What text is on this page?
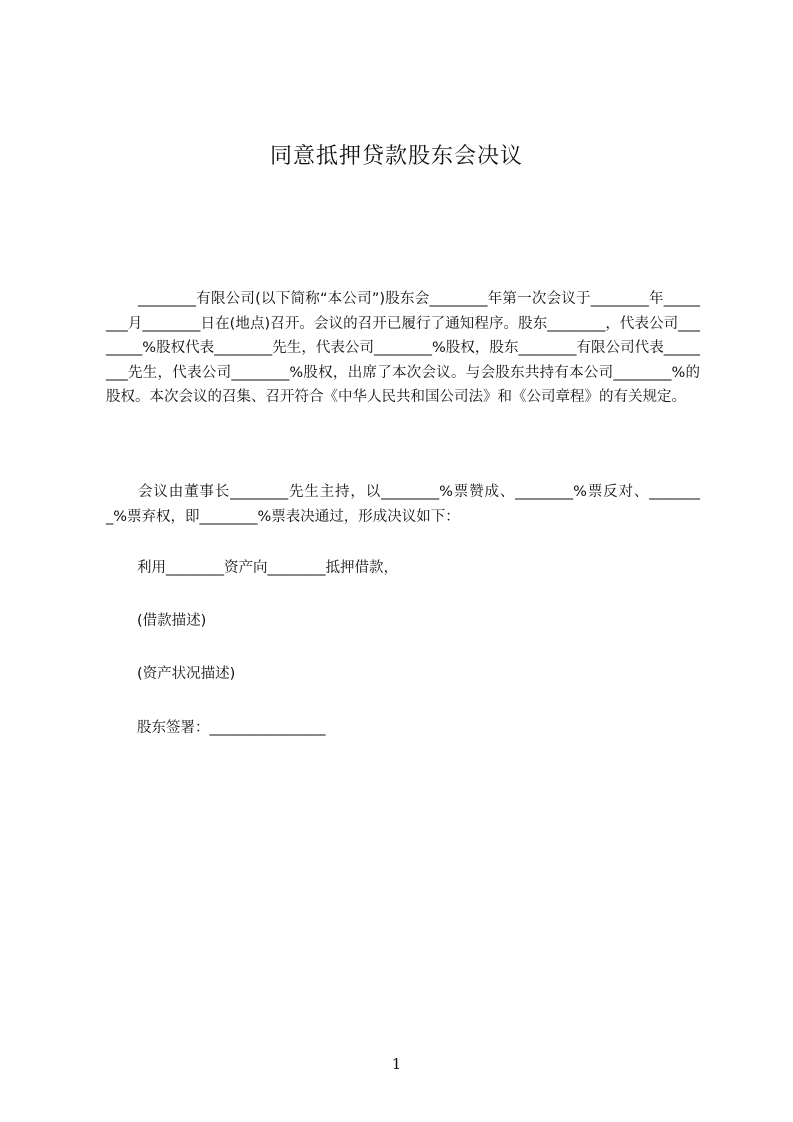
同意抵押贷款股东会决议

________有限公司(以下简称“本公司”)股东会________年第一次会议于________年________月________日在(地点)召开。会议的召开已履行了通知程序。股东________，代表公司________%股权代表________先生，代表公司________%股权，股东________有限公司代表________先生，代表公司________%股权，出席了本次会议。与会股东共持有本公司________%的股权。本次会议的召集、召开符合《中华人民共和国公司法》和《公司章程》的有关规定。

会议由董事长________先生主持，以________%票赞成、________%票反对、________%票弃权，即________%票表决通过，形成决议如下：

利用________资产向________抵押借款，

(借款描述)

(资产状况描述)

股东签署：________________

1
